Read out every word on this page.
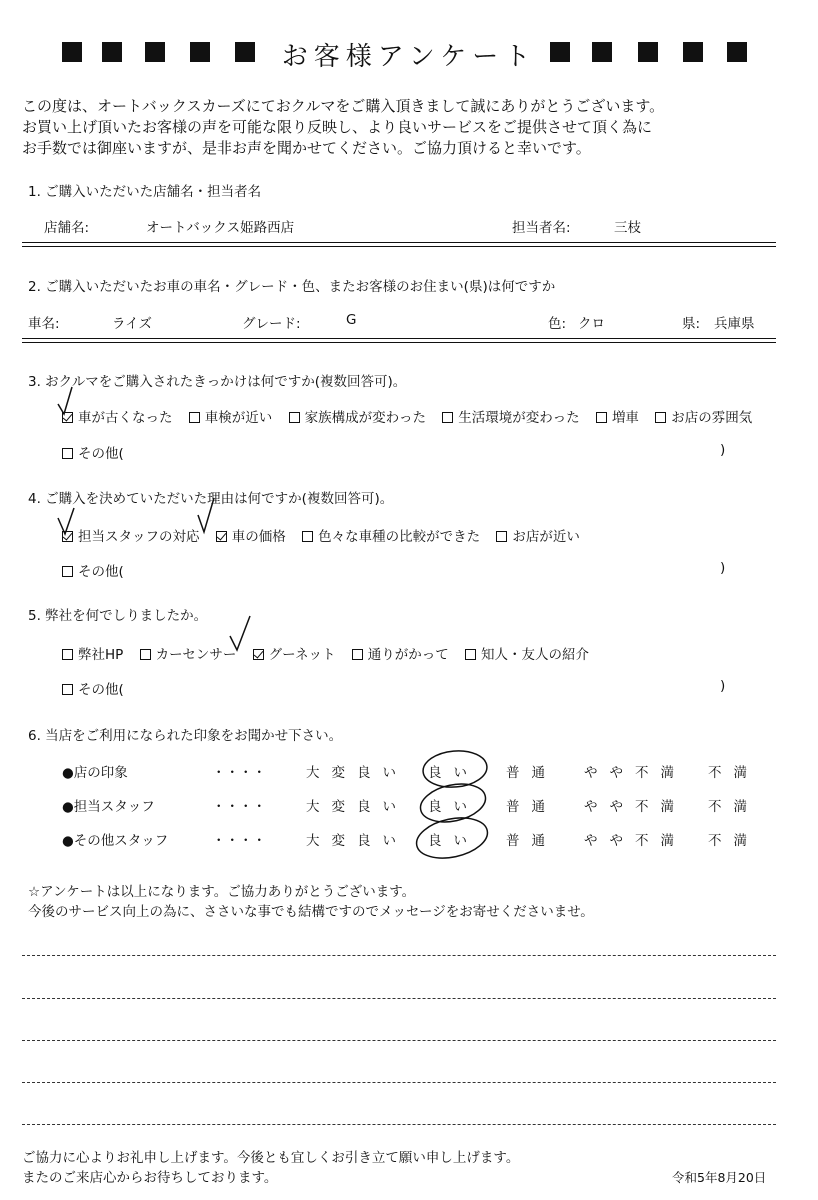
お客様アンケート
この度は、オートバックスカーズにておクルマをご購入頂きまして誠にありがとうございます。
お買い上げ頂いたお客様の声を可能な限り反映し、より良いサービスをご提供させて頂く為に
お手数では御座いますが、是非お声を聞かせてください。ご協力頂けると幸いです。
1. ご購入いただいた店舗名・担当者名
店舗名:	オートバックス姫路西店	担当者名:	三枝
2. ご購入いただいたお車の車名・グレード・色、またお客様のお住まい(県)は何ですか
車名:	ライズ	グレード:	G	色: クロ	県: 兵庫県
3. おクルマをご購入されたきっかけは何ですか(複数回答可)。
車が古くなった 車検が近い 家族構成が変わった 生活環境が変わった 増車 お店の雰囲気
その他(	)
4. ご購入を決めていただいた理由は何ですか(複数回答可)。
担当スタッフの対応 車の価格 色々な車種の比較ができた お店が近い
その他(	)
5. 弊社を何でしりましたか。
弊社HP カーセンサー グーネット 通りがかって 知人・友人の紹介
その他(	)
6. 当店をご利用になられた印象をお聞かせ下さい。
●店の印象	・・・・	大変良い 良い 普通 やや不満 不満
●担当スタッフ	・・・・	大変良い 良い 普通 やや不満 不満
●その他スタッフ	・・・・	大変良い 良い 普通 やや不満 不満
☆アンケートは以上になります。ご協力ありがとうございます。
今後のサービス向上の為に、ささいな事でも結構ですのでメッセージをお寄せくださいませ。
ご協力に心よりお礼申し上げます。今後とも宜しくお引き立て願い申し上げます。
またのご来店心からお待ちしております。	令和5年8月20日
